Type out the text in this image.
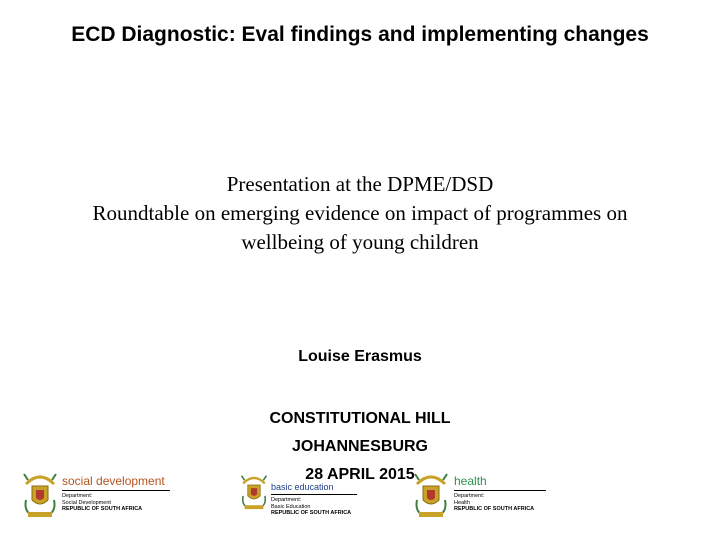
ECD Diagnostic: Eval findings and implementing changes
Presentation at the DPME/DSD
Roundtable on emerging evidence on impact of programmes on
wellbeing of young children
Louise Erasmus
CONSTITUTIONAL HILL
JOHANNESBURG
28 APRIL 2015
social development
Department:
Social Development
REPUBLIC OF SOUTH AFRICA
basic education
Department:
Basic Education
REPUBLIC OF SOUTH AFRICA
health
Department:
Health
REPUBLIC OF SOUTH AFRICA
